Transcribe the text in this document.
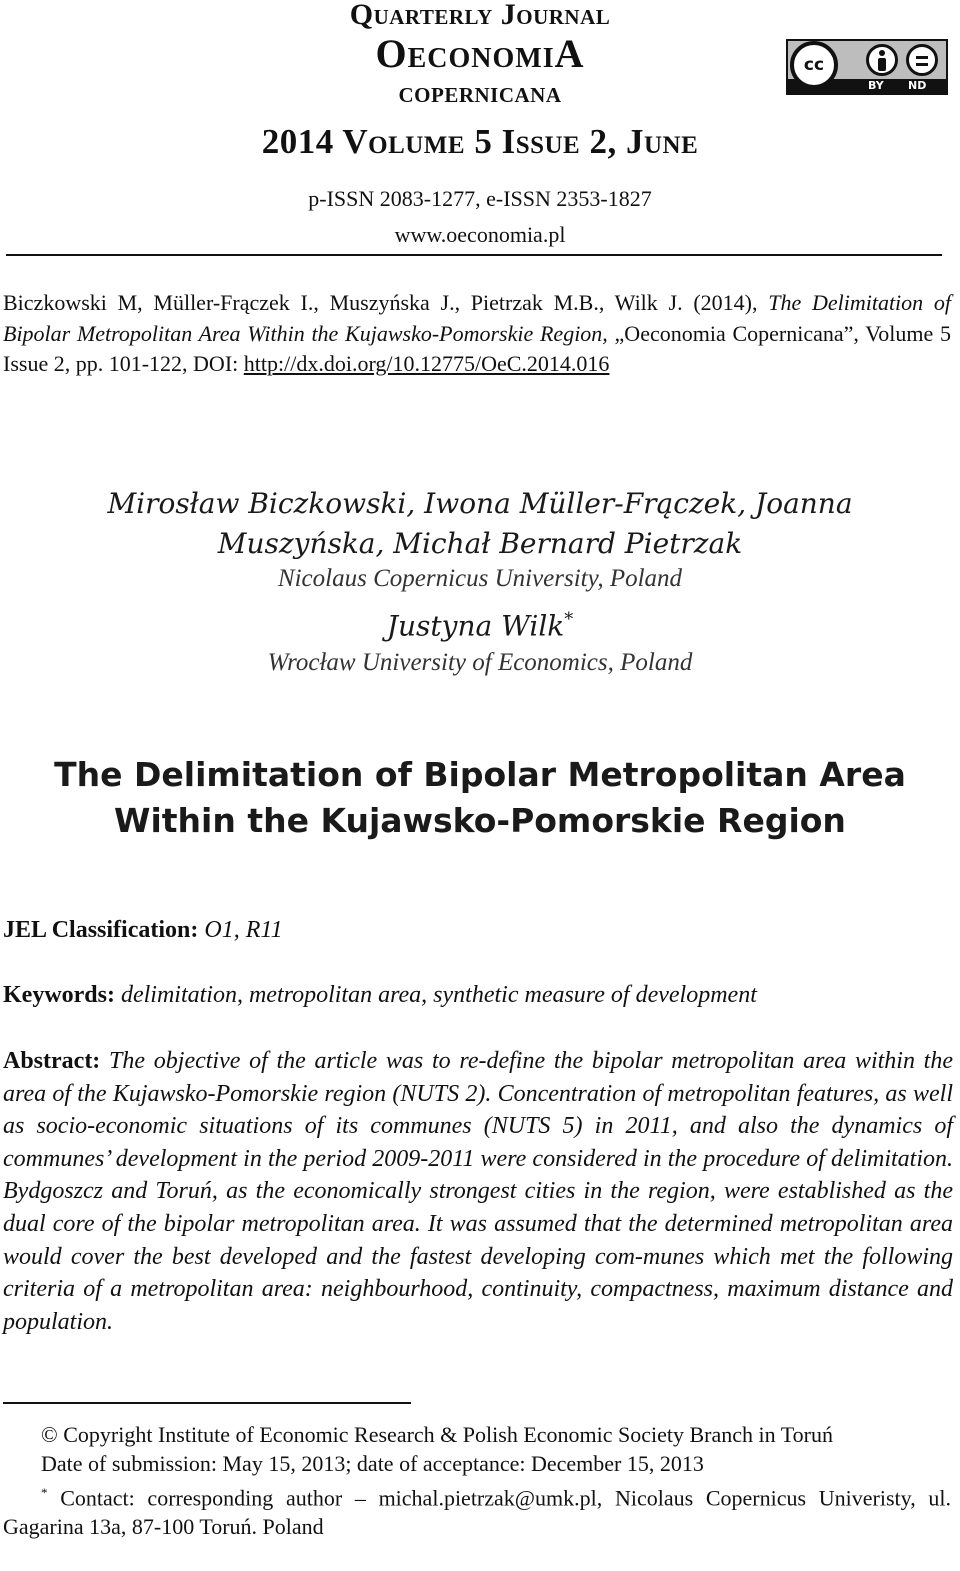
Quarterly Journal
OeconomiA
copernicana
2014 Volume 5 Issue 2, June
p-ISSN 2083-1277, e-ISSN 2353-1827
www.oeconomia.pl
cc
BY ND
Biczkowski M, Müller-Frączek I., Muszyńska J., Pietrzak M.B., Wilk J. (2014), The Delimitation of Bipolar Metropolitan Area Within the Kujawsko-Pomorskie Region, „Oeconomia Copernicana”, Volume 5 Issue 2, pp. 101-122, DOI: http://dx.doi.org/10.12775/OeC.2014.016
Mirosław Biczkowski, Iwona Müller-Frączek, Joanna Muszyńska, Michał Bernard Pietrzak
Nicolaus Copernicus University, Poland
Justyna Wilk*
Wrocław University of Economics, Poland
The Delimitation of Bipolar Metropolitan Area
Within the Kujawsko-Pomorskie Region
JEL Classification: O1, R11
Keywords: delimitation, metropolitan area, synthetic measure of development
Abstract: The objective of the article was to re-define the bipolar metropolitan area within the area of the Kujawsko-Pomorskie region (NUTS 2). Concentration of metropolitan features, as well as socio-economic situations of its communes (NUTS 5) in 2011, and also the dynamics of communes’ development in the period 2009-2011 were considered in the procedure of delimitation. Bydgoszcz and Toruń, as the economically strongest cities in the region, were established as the dual core of the bipolar metropolitan area. It was assumed that the determined metropolitan area would cover the best developed and the fastest developing com-munes which met the following criteria of a metropolitan area: neighbourhood, continuity, compactness, maximum distance and population.
© Copyright Institute of Economic Research & Polish Economic Society Branch in Toruń
Date of submission: May 15, 2013; date of acceptance: December 15, 2013
* Contact: corresponding author – michal.pietrzak@umk.pl, Nicolaus Copernicus Univeristy, ul. Gagarina 13a, 87-100 Toruń. Poland
